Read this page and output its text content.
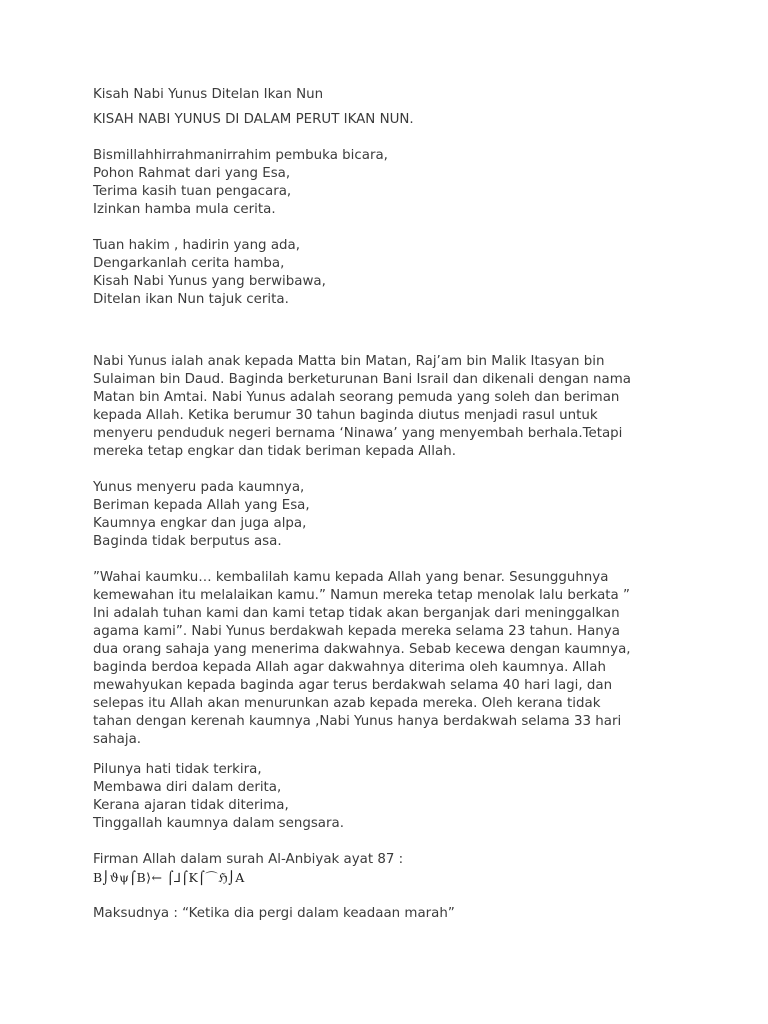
Kisah Nabi Yunus Ditelan Ikan Nun
KISAH NABI YUNUS DI DALAM PERUT IKAN NUN.
Bismillahhirrahmanirrahim pembuka bicara,
Pohon Rahmat dari yang Esa,
Terima kasih tuan pengacara,
Izinkan hamba mula cerita.
Tuan hakim , hadirin yang ada,
Dengarkanlah cerita hamba,
Kisah Nabi Yunus yang berwibawa,
Ditelan ikan Nun tajuk cerita.
Nabi Yunus ialah anak kepada Matta bin Matan, Raj’am bin Malik Itasyan bin
Sulaiman bin Daud. Baginda berketurunan Bani Israil dan dikenali dengan nama
Matan bin Amtai. Nabi Yunus adalah seorang pemuda yang soleh dan beriman
kepada Allah. Ketika berumur 30 tahun baginda diutus menjadi rasul untuk
menyeru penduduk negeri bernama ‘Ninawa’ yang menyembah berhala.Tetapi
mereka tetap engkar dan tidak beriman kepada Allah.
Yunus menyeru pada kaumnya,
Beriman kepada Allah yang Esa,
Kaumnya engkar dan juga alpa,
Baginda tidak berputus asa.
”Wahai kaumku… kembalilah kamu kepada Allah yang benar. Sesungguhnya
kemewahan itu melalaikan kamu.” Namun mereka tetap menolak lalu berkata ”
Ini adalah tuhan kami dan kami tetap tidak akan berganjak dari meninggalkan
agama kami”. Nabi Yunus berdakwah kepada mereka selama 23 tahun. Hanya
dua orang sahaja yang menerima dakwahnya. Sebab kecewa dengan kaumnya,
baginda berdoa kepada Allah agar dakwahnya diterima oleh kaumnya. Allah
mewahyukan kepada baginda agar terus berdakwah selama 40 hari lagi, dan
selepas itu Allah akan menurunkan azab kepada mereka. Oleh kerana tidak
tahan dengan kerenah kaumnya ,Nabi Yunus hanya berdakwah selama 33 hari
sahaja.
Pilunya hati tidak terkira,
Membawa diri dalam derita,
Kerana ajaran tidak diterima,
Tinggallah kaumnya dalam sengsara.
Firman Allah dalam surah Al-Anbiyak ayat 87 :
B⌡ϑψ⌠B⟩← ⌠⅃⌠K⌠⌒ℌ⌡A
Maksudnya : “Ketika dia pergi dalam keadaan marah”
